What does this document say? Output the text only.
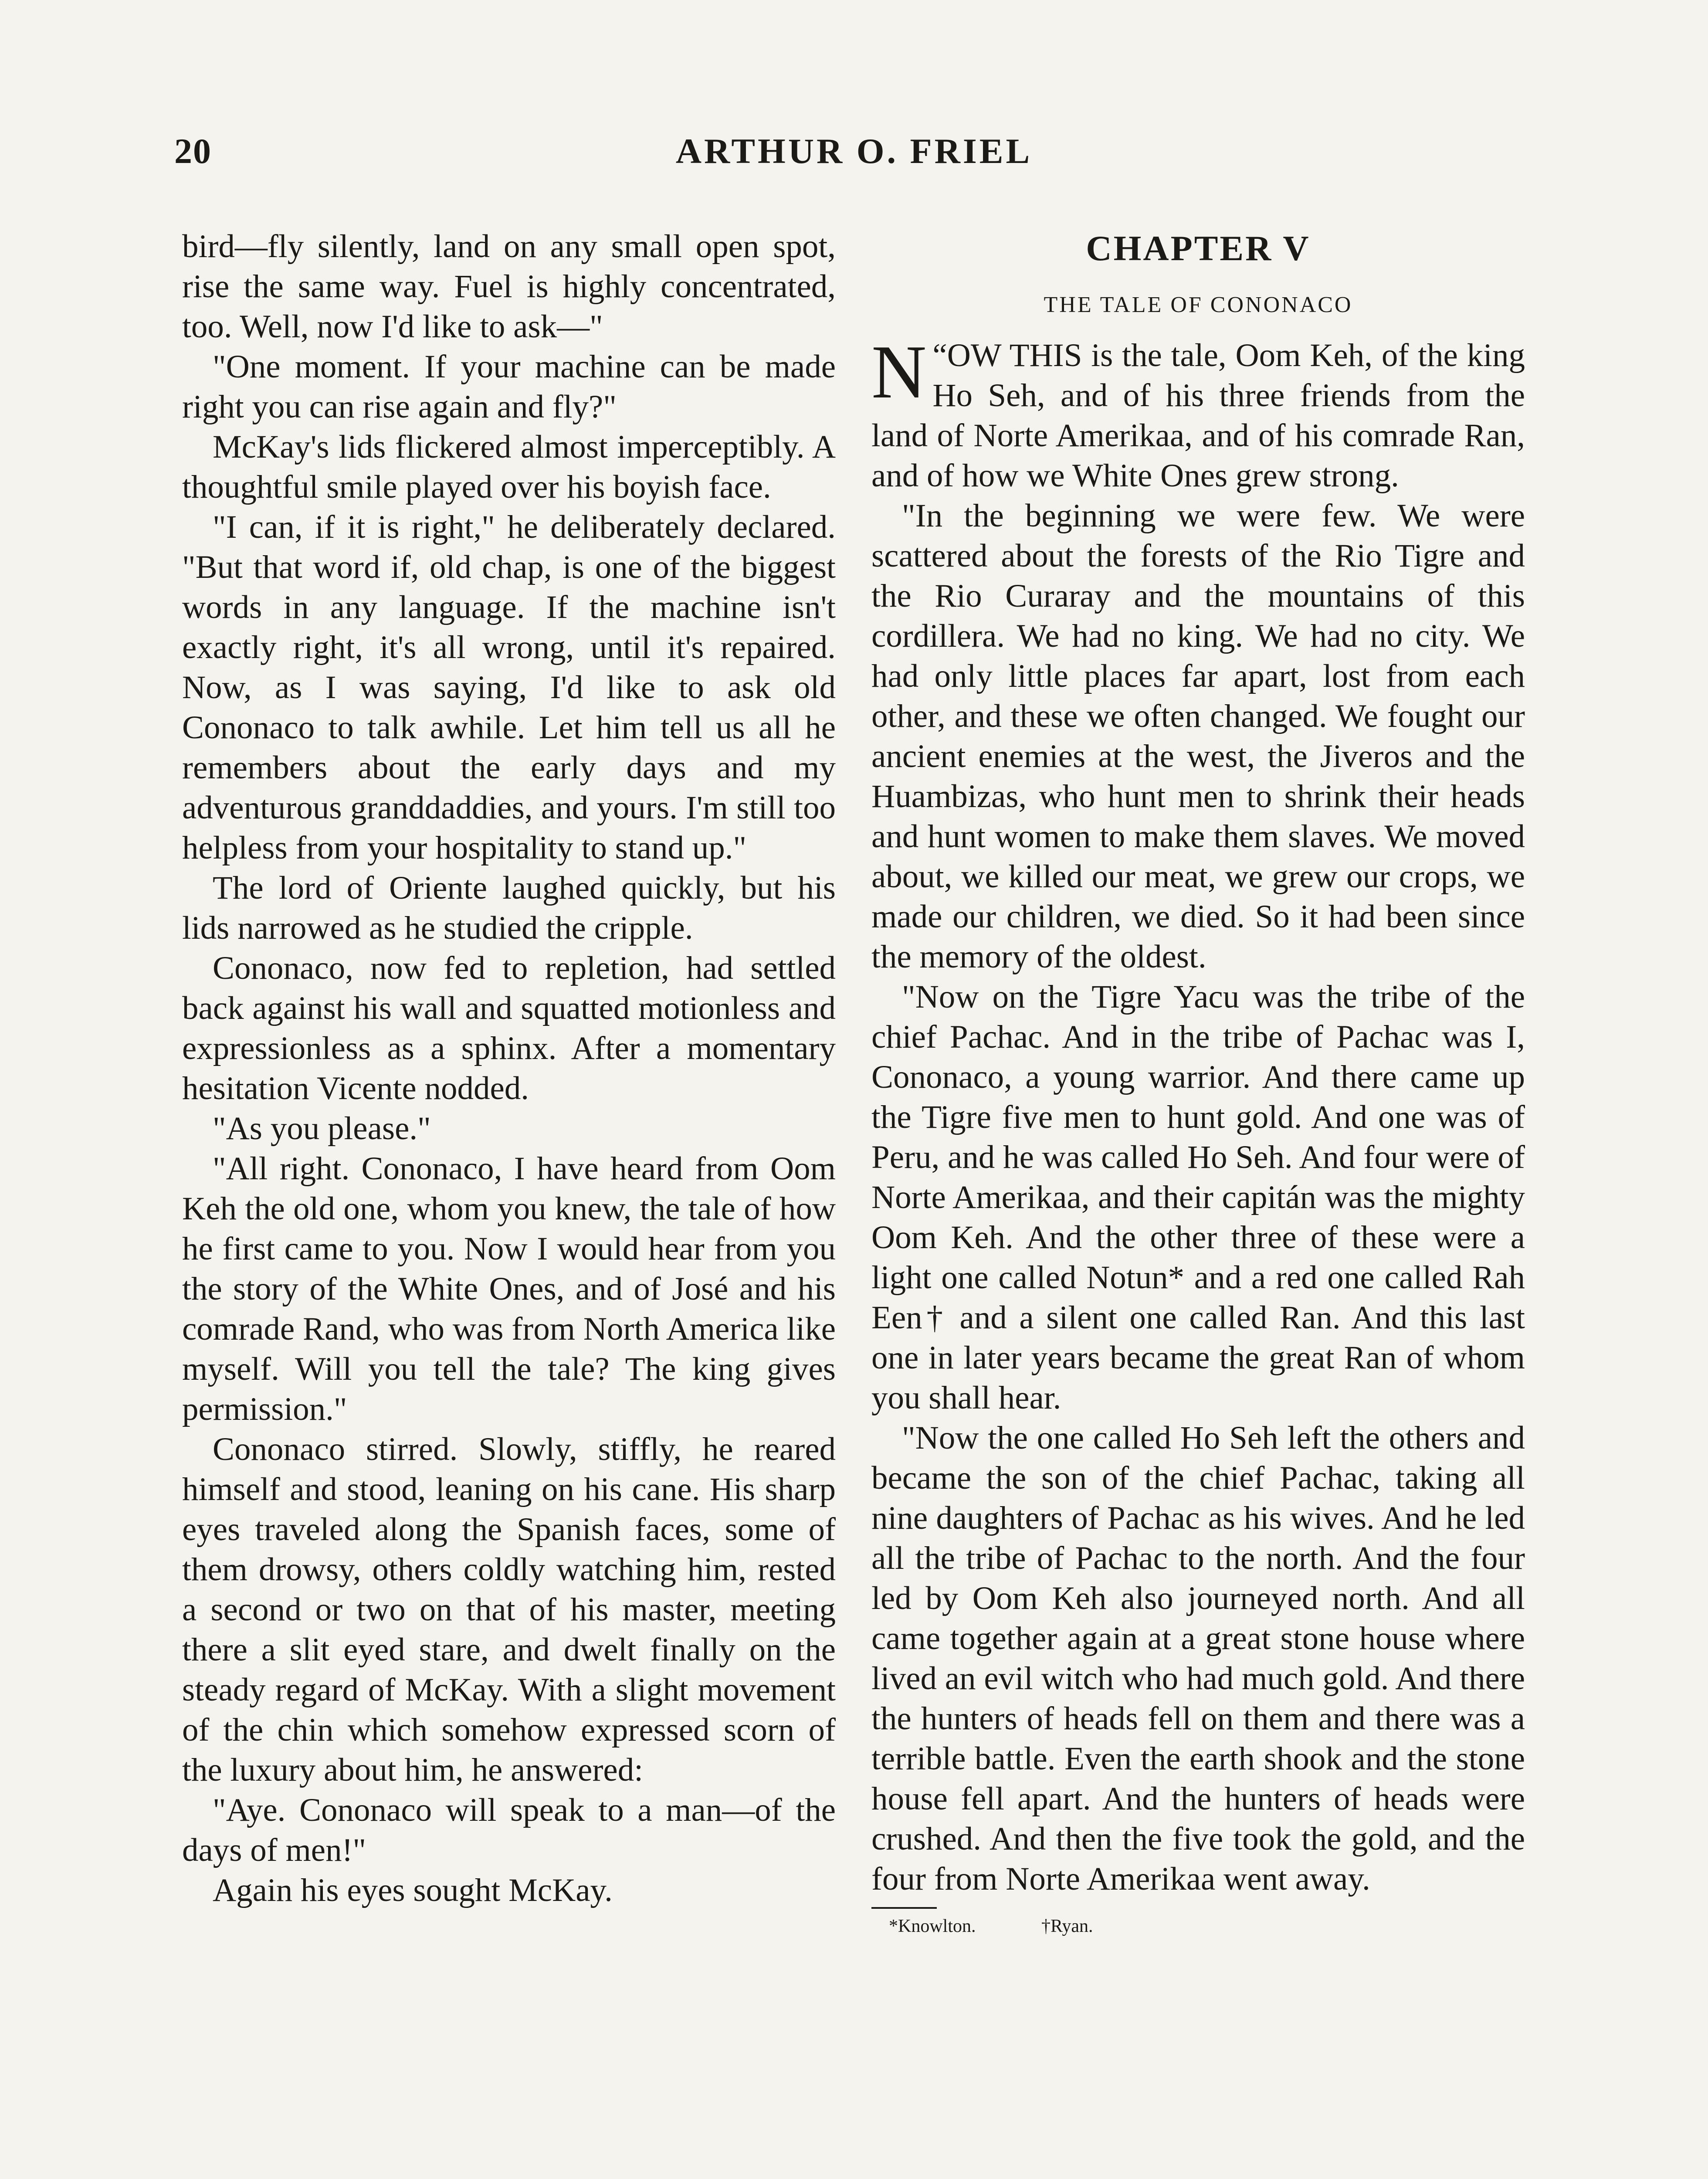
20	ARTHUR O. FRIEL

bird—fly silently, land on any small open spot, rise the same way. Fuel is highly concentrated, too. Well, now I'd like to ask—"

"One moment. If your machine can be made right you can rise again and fly?"

McKay's lids flickered almost imperceptibly. A thoughtful smile played over his boyish face.

"I can, if it is right," he deliberately declared. "But that word if, old chap, is one of the biggest words in any language. If the machine isn't exactly right, it's all wrong, until it's repaired. Now, as I was saying, I'd like to ask old Cononaco to talk awhile. Let him tell us all he remembers about the early days and my adventurous granddaddies, and yours. I'm still too helpless from your hospitality to stand up."

The lord of Oriente laughed quickly, but his lids narrowed as he studied the cripple.

Cononaco, now fed to repletion, had settled back against his wall and squatted motionless and expressionless as a sphinx. After a momentary hesitation Vicente nodded.

"As you please."

"All right. Cononaco, I have heard from Oom Keh the old one, whom you knew, the tale of how he first came to you. Now I would hear from you the story of the White Ones, and of José and his comrade Rand, who was from North America like myself. Will you tell the tale? The king gives permission."

Cononaco stirred. Slowly, stiffly, he reared himself and stood, leaning on his cane. His sharp eyes traveled along the Spanish faces, some of them drowsy, others coldly watching him, rested a second or two on that of his master, meeting there a slit eyed stare, and dwelt finally on the steady regard of McKay. With a slight movement of the chin which somehow expressed scorn of the luxury about him, he answered:

"Aye. Cononaco will speak to a man—of the days of men!"

Again his eyes sought McKay.

CHAPTER V
THE TALE OF CONONACO

“
N OW THIS is the tale, Oom Keh, of the king Ho Seh, and of his three friends from the land of Norte Amerikaa, and of his comrade Ran, and of how we White Ones grew strong.

"In the beginning we were few. We were scattered about the forests of the Rio Tigre and the Rio Curaray and the mountains of this cordillera. We had no king. We had no city. We had only little places far apart, lost from each other, and these we often changed. We fought our ancient enemies at the west, the Jiveros and the Huambizas, who hunt men to shrink their heads and hunt women to make them slaves. We moved about, we killed our meat, we grew our crops, we made our children, we died. So it had been since the memory of the oldest.

"Now on the Tigre Yacu was the tribe of the chief Pachac. And in the tribe of Pachac was I, Cononaco, a young warrior. And there came up the Tigre five men to hunt gold. And one was of Peru, and he was called Ho Seh. And four were of Norte Amerikaa, and their capitán was the mighty Oom Keh. And the other three of these were a light one called Notun* and a red one called Rah Een† and a silent one called Ran. And this last one in later years became the great Ran of whom you shall hear.

"Now the one called Ho Seh left the others and became the son of the chief Pachac, taking all nine daughters of Pachac as his wives. And he led all the tribe of Pachac to the north. And the four led by Oom Keh also journeyed north. And all came together again at a great stone house where lived an evil witch who had much gold. And there the hunters of heads fell on them and there was a terrible battle. Even the earth shook and the stone house fell apart. And the hunters of heads were crushed. And then the five took the gold, and the four from Norte Amerikaa went away.

*Knowlton.	†Ryan.
